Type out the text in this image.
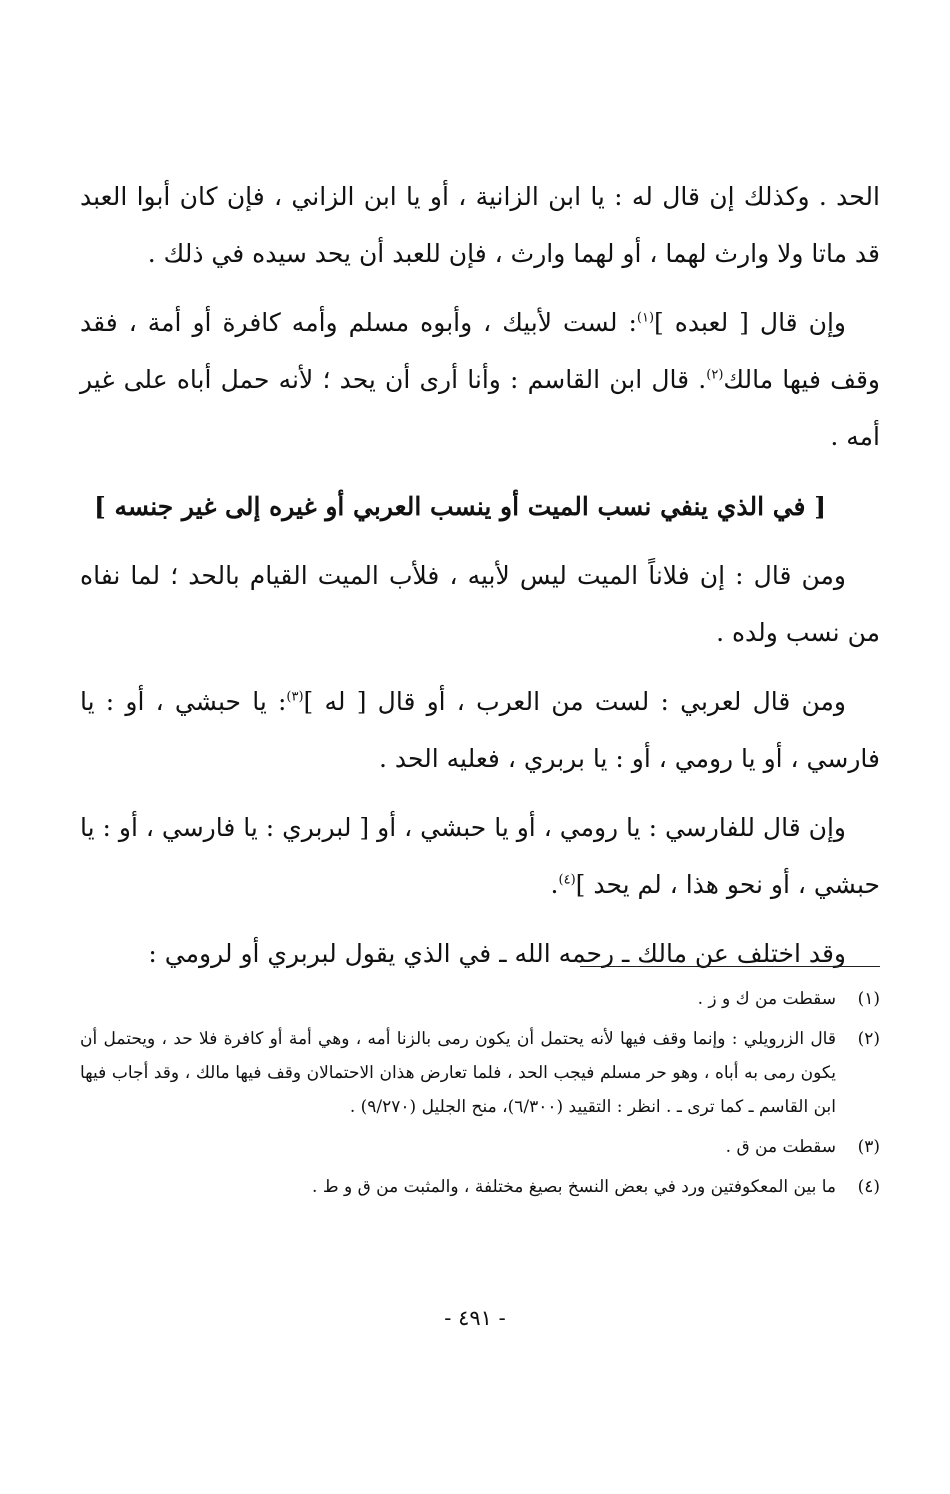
الحد . وكذلك إن قال له : يا ابن الزانية ، أو يا ابن الزاني ، فإن كان أبوا العبد قد ماتا ولا وارث لهما ، أو لهما وارث ، فإن للعبد أن يحد سيده في ذلك .

وإن قال [ لعبده ]$^{(١)}$: لست لأبيك ، وأبوه مسلم وأمه كافرة أو أمة ، فقد وقف فيها مالك$^{(٢)}$. قال ابن القاسم : وأنا أرى أن يحد ؛ لأنه حمل أباه على غير أمه .

[ في الذي ينفي نسب الميت أو ينسب العربي أو غيره إلى غير جنسه ]

ومن قال : إن فلاناً الميت ليس لأبيه ، فلأب الميت القيام بالحد ؛ لما نفاه من نسب ولده .

ومن قال لعربي : لست من العرب ، أو قال [ له ]$^{(٣)}$: يا حبشي ، أو : يا فارسي ، أو يا رومي ، أو : يا بربري ، فعليه الحد .

وإن قال للفارسي : يا رومي ، أو يا حبشي ، أو [ لبربري : يا فارسي ، أو : يا حبشي ، أو نحو هذا ، لم يحد ]$^{(٤)}$.

وقد اختلف عن مالك ـ رحمه الله ـ في الذي يقول لبربري أو لرومي :

(١)
سقطت من ك و ز .
(٢)
قال الزرويلي : وإنما وقف فيها لأنه يحتمل أن يكون رمى بالزنا أمه ، وهي أمة أو كافرة فلا حد ، ويحتمل أن يكون رمى به أباه ، وهو حر مسلم فيجب الحد ، فلما تعارض هذان الاحتمالان وقف فيها مالك ، وقد أجاب فيها ابن القاسم ـ كما ترى ـ . انظر : التقييد (٦/٣٠٠)، منح الجليل (٩/٢٧٠) .
(٣)
سقطت من ق .
(٤)
ما بين المعكوفتين ورد في بعض النسخ بصيغ مختلفة ، والمثبت من ق و ط .
- ٤٩١ -
